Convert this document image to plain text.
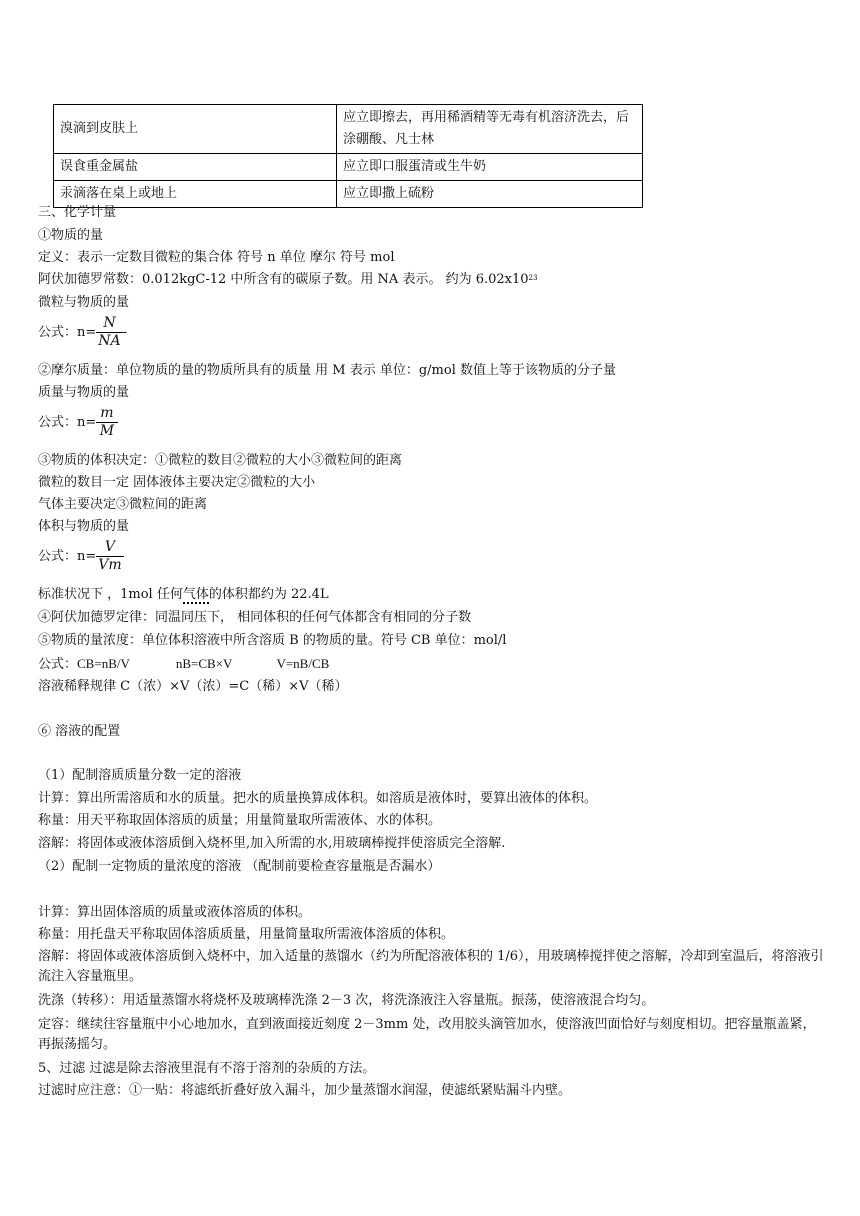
溴滴到皮肤上	应立即擦去，再用稀酒精等无毒有机溶济洗去，后涂硼酸、凡士林
误食重金属盐	应立即口服蛋清或生牛奶
汞滴落在桌上或地上	应立即撒上硫粉
三、化学计量
①物质的量
定义：表示一定数目微粒的集合体 符号 n 单位 摩尔 符号 mol
阿伏加德罗常数：0.012kgC-12 中所含有的碳原子数。用 NA 表示。 约为 $6.02x10^{23}$
微粒与物质的量
公式：$n= \frac{N}{NA}$ -
②摩尔质量：单位物质的量的物质所具有的质量 用 M 表示 单位：g/mol 数值上等于该物质的分子量
质量与物质的量
公式：$n= \frac{m}{M}$
③物质的体积决定：①微粒的数目②微粒的大小③微粒间的距离
微粒的数目一定 固体液体主要决定②微粒的大小
气体主要决定③微粒间的距离
体积与物质的量
公式：$n= \frac{V}{Vm}$
标准状况下 ，1mol 任何气体的体积都约为 22.4L
④阿伏加德罗定律：同温同压下， 相同体积的任何气体都含有相同的分子数
⑤物质的量浓度：单位体积溶液中所含溶质 B 的物质的量。符号 CB 单位：mol/l
公式：CB=nB/V	nB=CB×V	V=nB/CB
溶液稀释规律 C（浓）×V（浓）=C（稀）×V（稀）
⑥ 溶液的配置
（1）配制溶质质量分数一定的溶液
计算：算出所需溶质和水的质量。把水的质量换算成体积。如溶质是液体时，要算出液体的体积。
称量：用天平称取固体溶质的质量；用量简量取所需液体、水的体积。
溶解：将固体或液体溶质倒入烧杯里,加入所需的水,用玻璃棒搅拌使溶质完全溶解.
（2）配制一定物质的量浓度的溶液 （配制前要检查容量瓶是否漏水）
计算：算出固体溶质的质量或液体溶质的体积。
称量：用托盘天平称取固体溶质质量，用量简量取所需液体溶质的体积。
溶解：将固体或液体溶质倒入烧杯中，加入适量的蒸馏水（约为所配溶液体积的 1/6），用玻璃棒搅拌使之溶解，冷却到室温后，将溶液引流注入容量瓶里。
洗涤（转移）：用适量蒸馏水将烧杯及玻璃棒洗涤 2－3 次，将洗涤液注入容量瓶。振荡，使溶液混合均匀。
定容：继续往容量瓶中小心地加水，直到液面接近刻度 2－3mm 处，改用胶头滴管加水，使溶液凹面恰好与刻度相切。把容量瓶盖紧，再振荡摇匀。
5、过滤 过滤是除去溶液里混有不溶于溶剂的杂质的方法。
过滤时应注意：①一贴：将滤纸折叠好放入漏斗，加少量蒸馏水润湿，使滤纸紧贴漏斗内壁。
